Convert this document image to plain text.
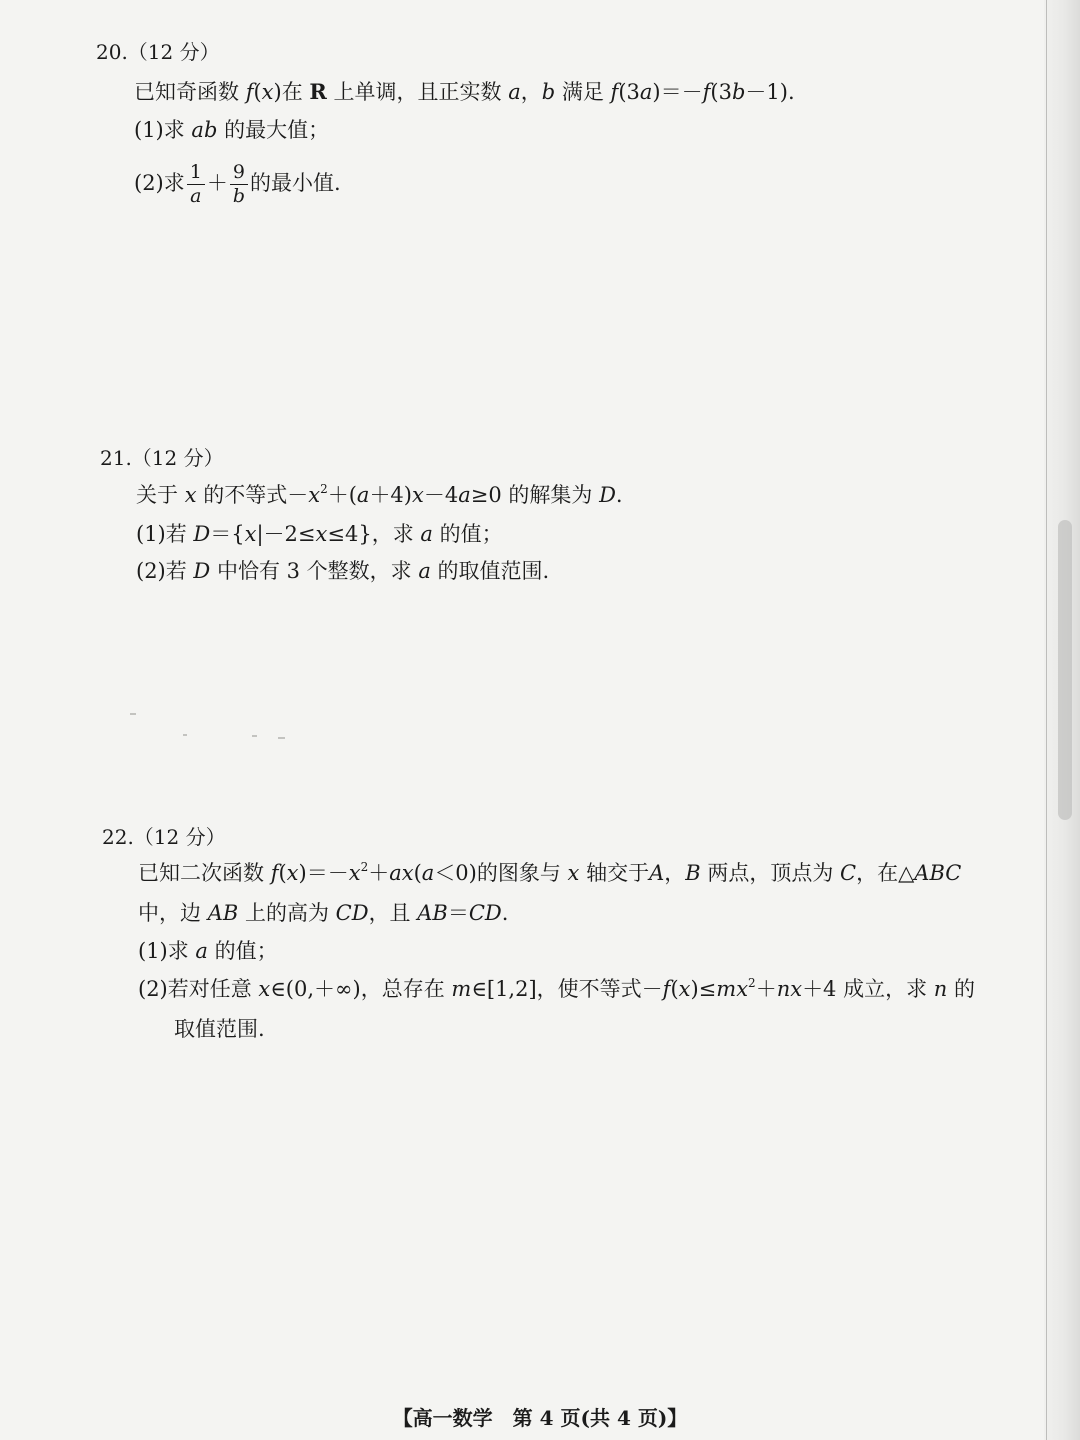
20.（12 分）
已知奇函数 f(x)在 R 上单调，且正实数 a，b 满足 f(3a)＝－f(3b－1).
(1)求 ab 的最大值；
(2)求 $\frac{1}{a} + \frac{9}{b}$ 的最小值.
21.（12 分）
关于 x 的不等式$-x^2+(a+4)x-4a\ge 0$ 的解集为 D.
(1)若 D＝{x|－2≤x≤4}，求 a 的值；
(2)若 D 中恰有 3 个整数，求 a 的取值范围.
22.（12 分）
已知二次函数 $f(x)=-x^2+ax(a<0)$的图象与 x 轴交于A，B 两点，顶点为 C，在△ABC
中，边 AB 上的高为 CD，且 AB＝CD.
(1)求 a 的值；
(2)若对任意 x∈(0,＋∞)，总存在 m∈[1,2]，使不等式$-f(x)\le mx^2+nx+4$ 成立，求 n 的
取值范围.
【高一数学　第 4 页(共 4 页)】
